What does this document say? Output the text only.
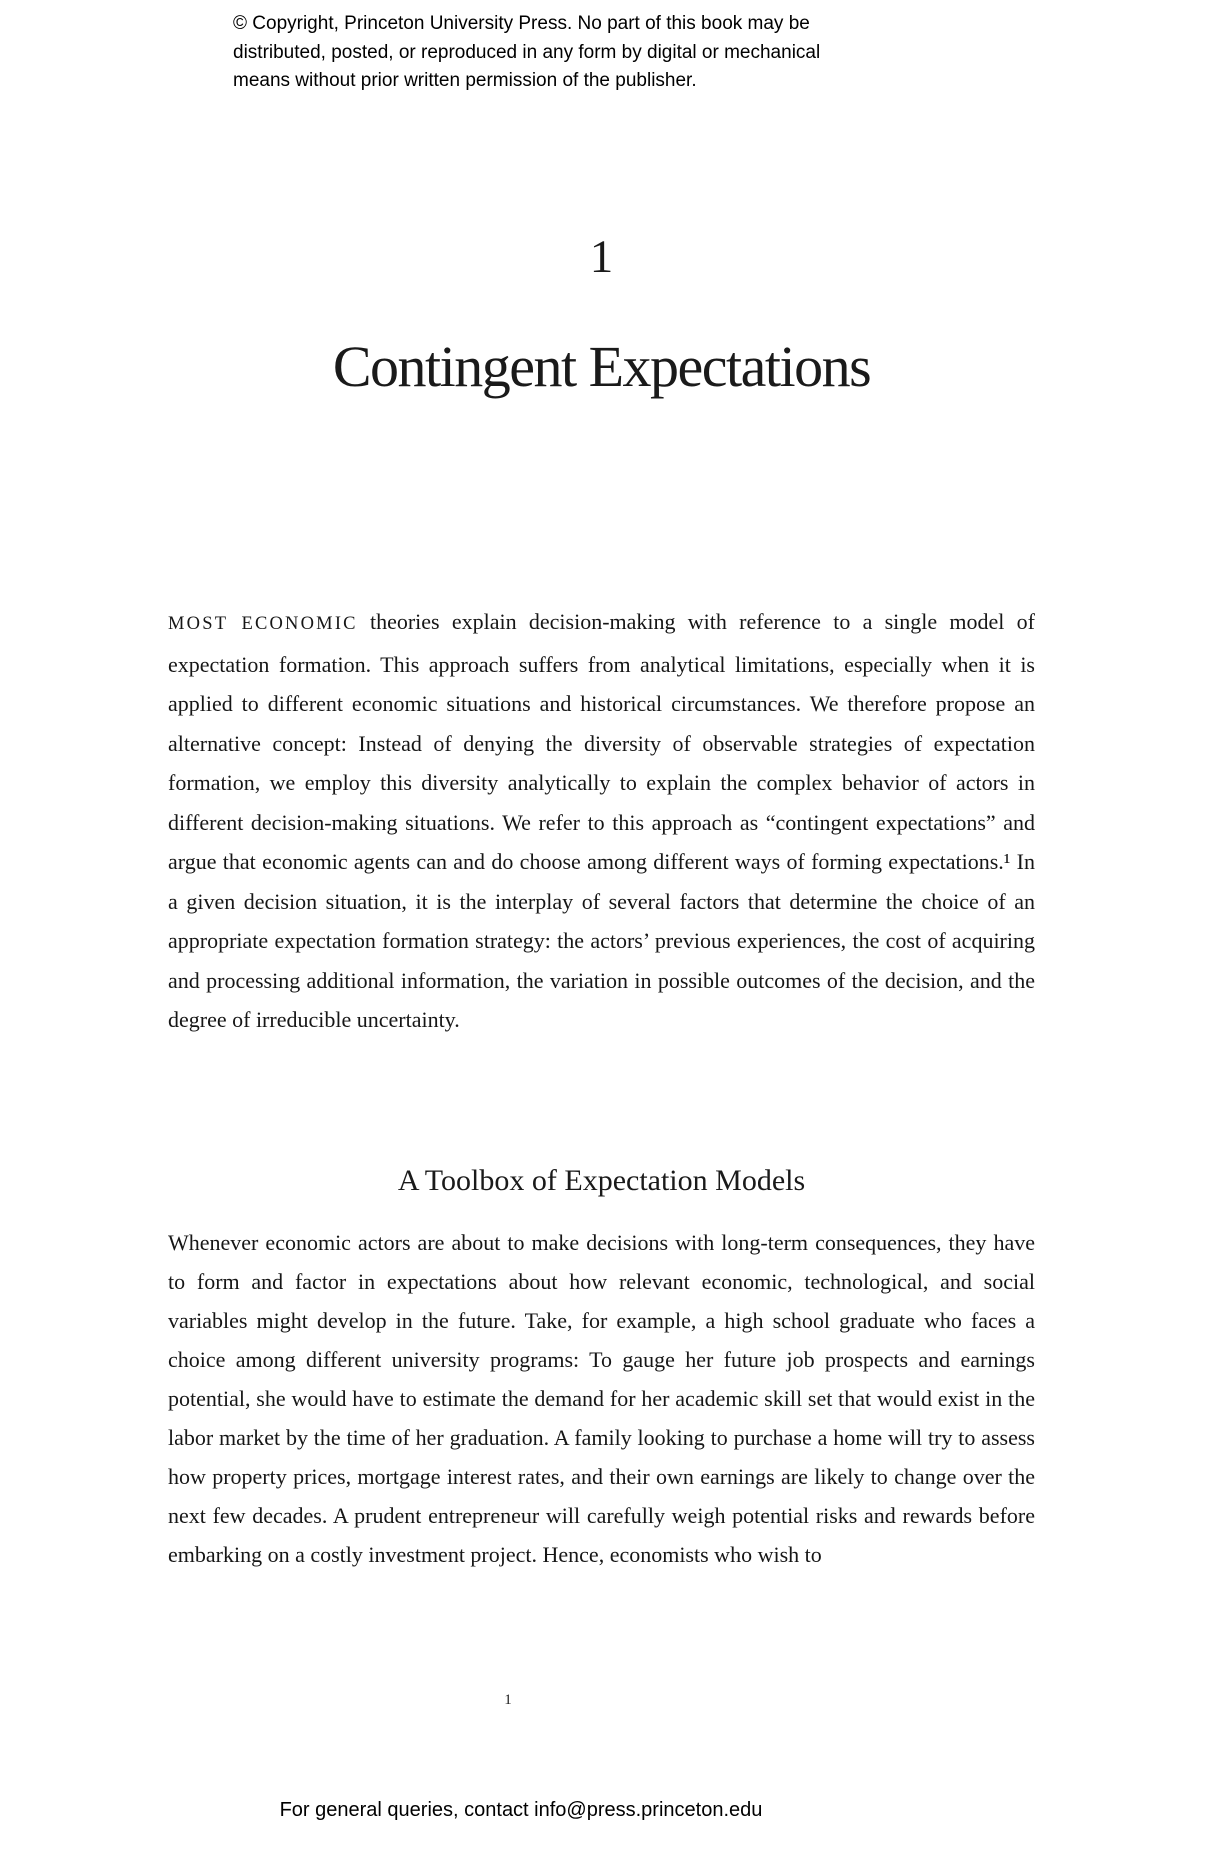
© Copyright, Princeton University Press. No part of this book may be
distributed, posted, or reproduced in any form by digital or mechanical
means without prior written permission of the publisher.
1
Contingent Expectations
MOST ECONOMIC theories explain decision-making with reference to a single model of expectation formation. This approach suffers from analytical limitations, especially when it is applied to different economic situations and historical circumstances. We therefore propose an alternative concept: Instead of denying the diversity of observable strategies of expectation formation, we employ this diversity analytically to explain the complex behavior of actors in different decision-making situations. We refer to this approach as “contingent expectations” and argue that economic agents can and do choose among different ways of forming expectations.¹ In a given decision situation, it is the interplay of several factors that determine the choice of an appropriate expectation formation strategy: the actors’ previous experiences, the cost of acquiring and processing additional information, the variation in possible outcomes of the decision, and the degree of irreducible uncertainty.
A Toolbox of Expectation Models
Whenever economic actors are about to make decisions with long-term consequences, they have to form and factor in expectations about how relevant economic, technological, and social variables might develop in the future. Take, for example, a high school graduate who faces a choice among different university programs: To gauge her future job prospects and earnings potential, she would have to estimate the demand for her academic skill set that would exist in the labor market by the time of her graduation. A family looking to purchase a home will try to assess how property prices, mortgage interest rates, and their own earnings are likely to change over the next few decades. A prudent entrepreneur will carefully weigh potential risks and rewards before embarking on a costly investment project. Hence, economists who wish to
1
For general queries, contact info@press.princeton.edu
